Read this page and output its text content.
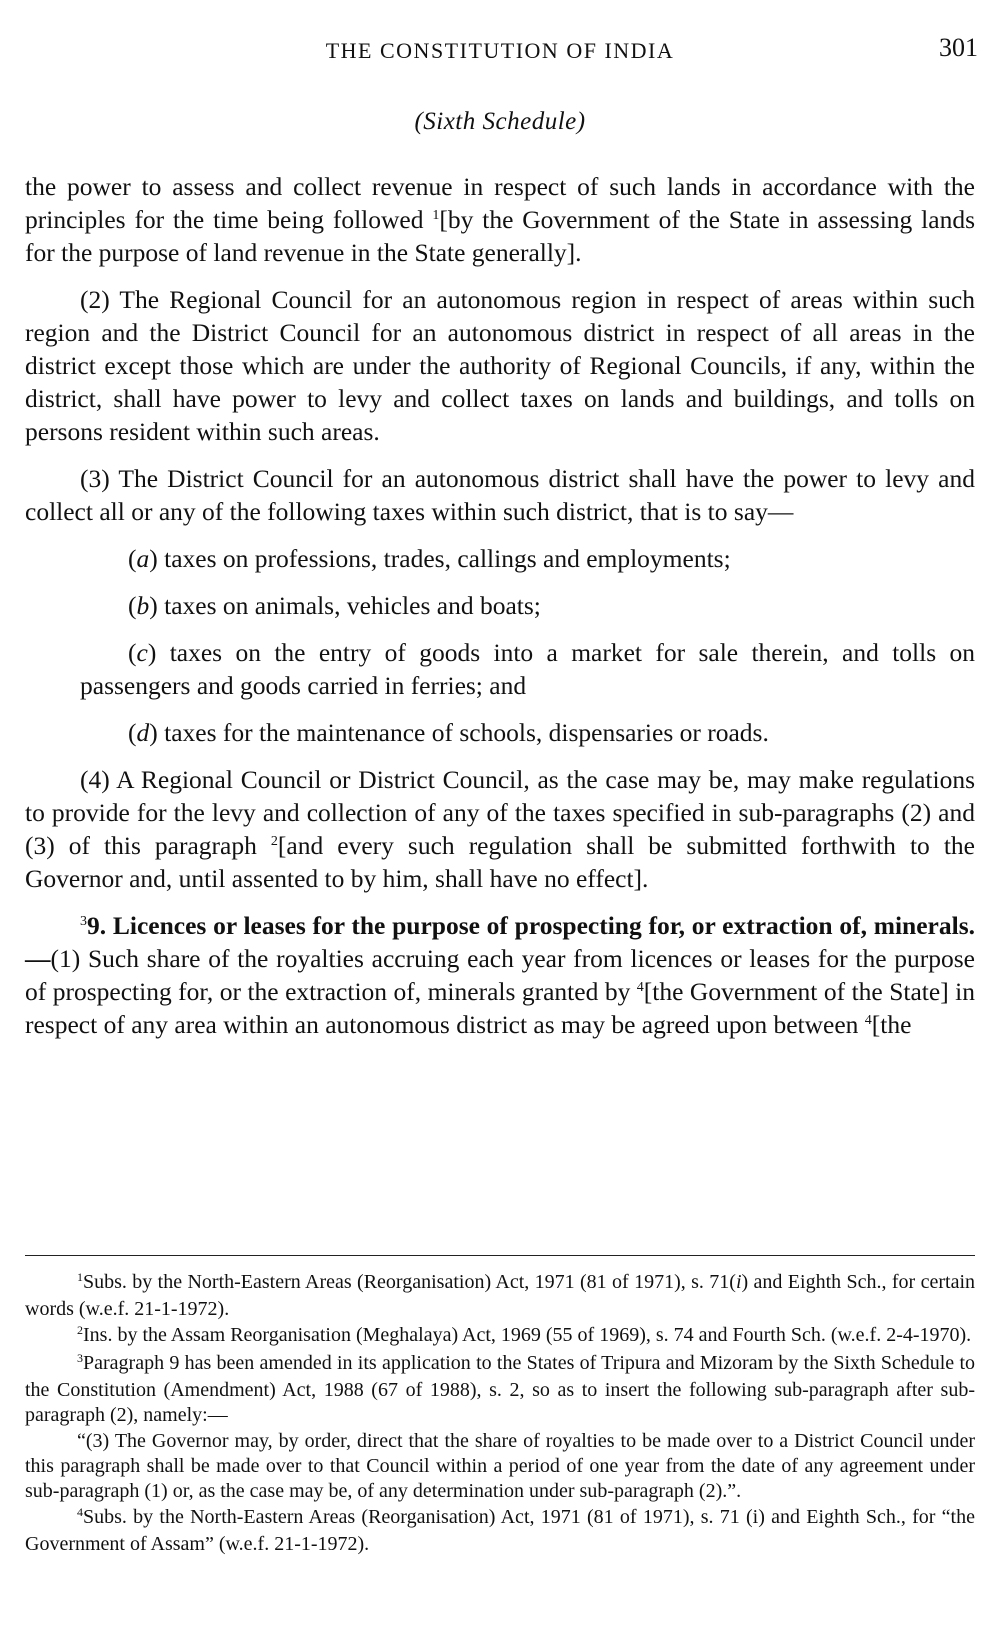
THE CONSTITUTION OF INDIA	301
(Sixth Schedule)

the power to assess and collect revenue in respect of such lands in accordance with the principles for the time being followed $^1$[by the Government of the State in assessing lands for the purpose of land revenue in the State generally].

(2) The Regional Council for an autonomous region in respect of areas within such region and the District Council for an autonomous district in respect of all areas in the district except those which are under the authority of Regional Councils, if any, within the district, shall have power to levy and collect taxes on lands and buildings, and tolls on persons resident within such areas.

(3) The District Council for an autonomous district shall have the power to levy and collect all or any of the following taxes within such district, that is to say—

(a) taxes on professions, trades, callings and employments;

(b) taxes on animals, vehicles and boats;

(c) taxes on the entry of goods into a market for sale therein, and tolls on passengers and goods carried in ferries; and

(d) taxes for the maintenance of schools, dispensaries or roads.

(4) A Regional Council or District Council, as the case may be, may make regulations to provide for the levy and collection of any of the taxes specified in sub-paragraphs (2) and (3) of this paragraph $^2$[and every such regulation shall be submitted forthwith to the Governor and, until assented to by him, shall have no effect].

$^3$9. Licences or leases for the purpose of prospecting for, or extraction of, minerals.—(1) Such share of the royalties accruing each year from licences or leases for the purpose of prospecting for, or the extraction of, minerals granted by $^4$[the Government of the State] in respect of any area within an autonomous district as may be agreed upon between $^4$[the

$^1$Subs. by the North-Eastern Areas (Reorganisation) Act, 1971 (81 of 1971), s. 71(i) and Eighth Sch., for certain words (w.e.f. 21-1-1972).

$^2$Ins. by the Assam Reorganisation (Meghalaya) Act, 1969 (55 of 1969), s. 74 and Fourth Sch. (w.e.f. 2-4-1970).

$^3$Paragraph 9 has been amended in its application to the States of Tripura and Mizoram by the Sixth Schedule to the Constitution (Amendment) Act, 1988 (67 of 1988), s. 2, so as to insert the following sub-paragraph after sub-paragraph (2), namely:—

“(3) The Governor may, by order, direct that the share of royalties to be made over to a District Council under this paragraph shall be made over to that Council within a period of one year from the date of any agreement under sub-paragraph (1) or, as the case may be, of any determination under sub-paragraph (2).”.

$^4$Subs. by the North-Eastern Areas (Reorganisation) Act, 1971 (81 of 1971), s. 71 (i) and Eighth Sch., for “the Government of Assam” (w.e.f. 21-1-1972).
